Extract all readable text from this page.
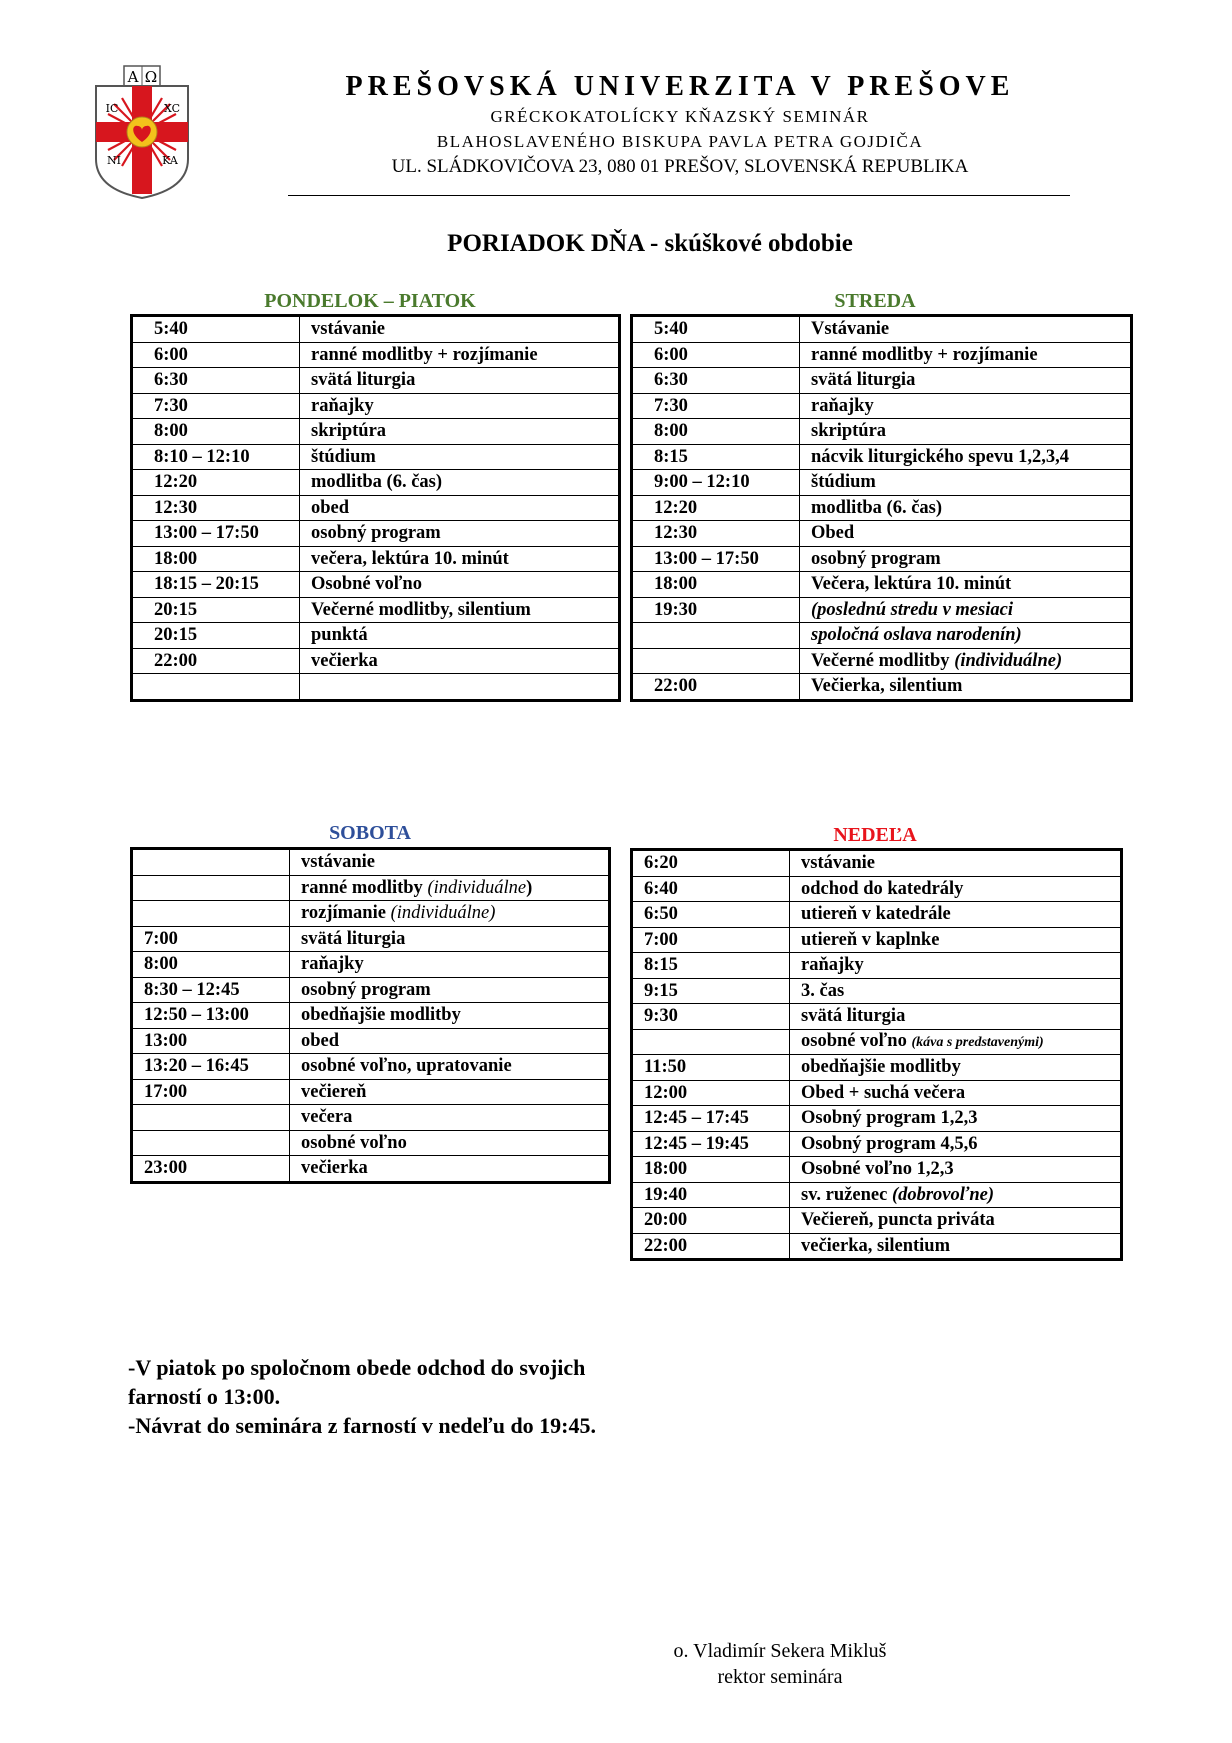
Α Ω
IC	XC
NI	KA
PREŠOVSKÁ UNIVERZITA V PREŠOVE
GRÉCKOKATOLÍCKY KŇAZSKÝ SEMINÁR
BLAHOSLAVENÉHO BISKUPA PAVLA PETRA GOJDIČA
UL. SLÁDKOVIČOVA 23, 080 01 PREŠOV, SLOVENSKÁ REPUBLIKA
PORIADOK DŇA - skúškové obdobie
PONDELOK – PIATOK	STREDA
SOBOTA	NEDEĽA
5:40	vstávanie
6:00	ranné modlitby + rozjímanie
6:30	svätá liturgia
7:30	raňajky
8:00	skriptúra
8:10 – 12:10	štúdium
12:20	modlitba (6. čas)
12:30	obed
13:00 – 17:50	osobný program
18:00	večera, lektúra 10. minút
18:15 – 20:15	Osobné voľno
20:15	Večerné modlitby, silentium
20:15	punktá
22:00	večierka

5:40	Vstávanie
6:00	ranné modlitby + rozjímanie
6:30	svätá liturgia
7:30	raňajky
8:00	skriptúra
8:15	nácvik liturgického spevu 1,2,3,4
9:00 – 12:10	štúdium
12:20	modlitba (6. čas)
12:30	Obed
13:00 – 17:50	osobný program
18:00	Večera, lektúra 10. minút
19:30	(poslednú stredu v mesiaci
	spoločná oslava narodenín)
	Večerné modlitby (individuálne)
22:00	Večierka, silentium
	vstávanie
	ranné modlitby (individuálne)
	rozjímanie (individuálne)
7:00	svätá liturgia
8:00	raňajky
8:30 – 12:45	osobný program
12:50 – 13:00	obedňajšie modlitby
13:00	obed
13:20 – 16:45	osobné voľno, upratovanie
17:00	večiereň
	večera
	osobné voľno
23:00	večierka
6:20	vstávanie
6:40	odchod do katedrály
6:50	utiereň v katedrále
7:00	utiereň v kaplnke
8:15	raňajky
9:15	3. čas
9:30	svätá liturgia
	osobné voľno (káva s predstavenými)
11:50	obedňajšie modlitby
12:00	Obed + suchá večera
12:45 – 17:45	Osobný program 1,2,3
12:45 – 19:45	Osobný program 4,5,6
18:00	Osobné voľno 1,2,3
19:40	sv. ruženec (dobrovoľne)
20:00	Večiereň, puncta priváta
22:00	večierka, silentium
-V piatok po spoločnom obede odchod do svojich farností o 13:00.
-Návrat do seminára z farností v nedeľu do 19:45.
o. Vladimír Sekera Mikluš
rektor seminára
